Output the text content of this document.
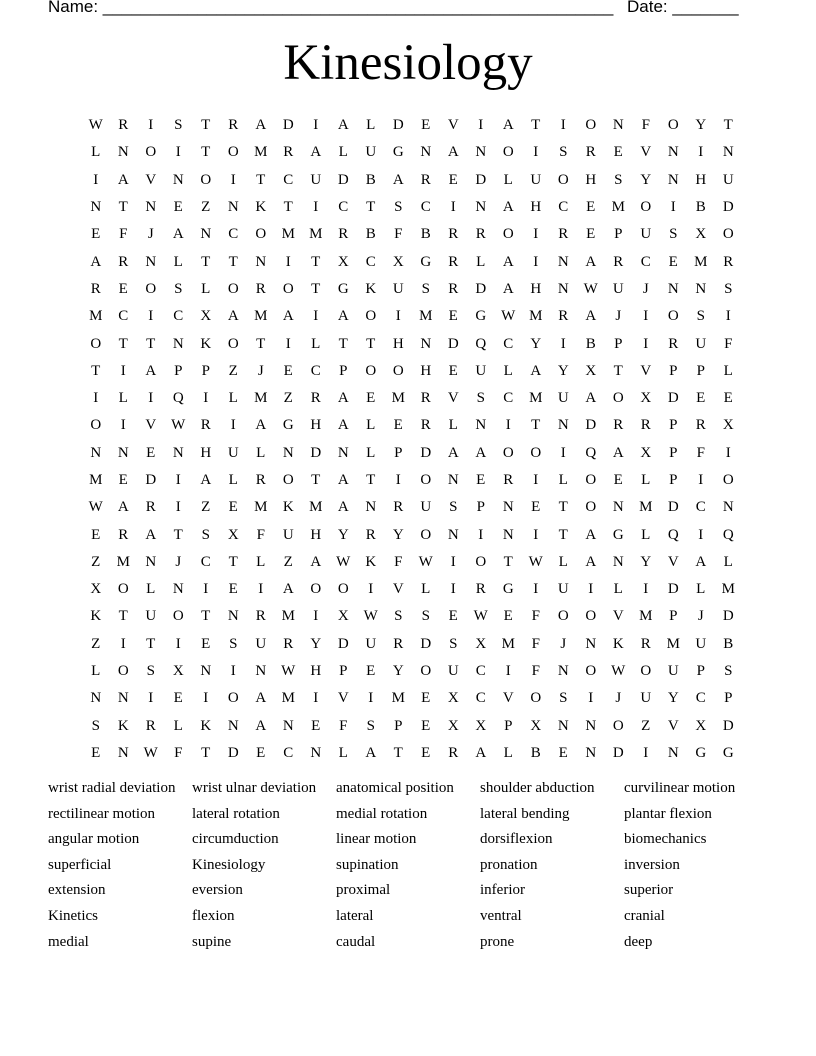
Name: ______________________________________________________ Date: _______
Kinesiology
W	R	I	S	T	R	A	D	I	A	L	D	E	V	I	A	T	I	O	N	F	O	Y	T
L	N	O	I	T	O	M	R	A	L	U	G	N	A	N	O	I	S	R	E	V	N	I	N
I	A	V	N	O	I	T	C	U	D	B	A	R	E	D	L	U	O	H	S	Y	N	H	U
N	T	N	E	Z	N	K	T	I	C	T	S	C	I	N	A	H	C	E	M	O	I	B	D
E	F	J	A	N	C	O	M	M	R	B	F	B	R	R	O	I	R	E	P	U	S	X	O
A	R	N	L	T	T	N	I	T	X	C	X	G	R	L	A	I	N	A	R	C	E	M	R
R	E	O	S	L	O	R	O	T	G	K	U	S	R	D	A	H	N	W	U	J	N	N	S
M	C	I	C	X	A	M	A	I	A	O	I	M	E	G	W	M	R	A	J	I	O	S	I
O	T	T	N	K	O	T	I	L	T	T	H	N	D	Q	C	Y	I	B	P	I	R	U	F
T	I	A	P	P	Z	J	E	C	P	O	O	H	E	U	L	A	Y	X	T	V	P	P	L
I	L	I	Q	I	L	M	Z	R	A	E	M	R	V	S	C	M	U	A	O	X	D	E	E
O	I	V	W	R	I	A	G	H	A	L	E	R	L	N	I	T	N	D	R	R	P	R	X
N	N	E	N	H	U	L	N	D	N	L	P	D	A	A	O	O	I	Q	A	X	P	F	I
M	E	D	I	A	L	R	O	T	A	T	I	O	N	E	R	I	L	O	E	L	P	I	O
W	A	R	I	Z	E	M	K	M	A	N	R	U	S	P	N	E	T	O	N	M	D	C	N
E	R	A	T	S	X	F	U	H	Y	R	Y	O	N	I	N	I	T	A	G	L	Q	I	Q
Z	M	N	J	C	T	L	Z	A	W	K	F	W	I	O	T	W	L	A	N	Y	V	A	L
X	O	L	N	I	E	I	A	O	O	I	V	L	I	R	G	I	U	I	L	I	D	L	M
K	T	U	O	T	N	R	M	I	X	W	S	S	E	W	E	F	O	O	V	M	P	J	D
Z	I	T	I	E	S	U	R	Y	D	U	R	D	S	X	M	F	J	N	K	R	M	U	B
L	O	S	X	N	I	N	W	H	P	E	Y	O	U	C	I	F	N	O	W	O	U	P	S
N	N	I	E	I	O	A	M	I	V	I	M	E	X	C	V	O	S	I	J	U	Y	C	P
S	K	R	L	K	N	A	N	E	F	S	P	E	X	X	P	X	N	N	O	Z	V	X	D
E	N	W	F	T	D	E	C	N	L	A	T	E	R	A	L	B	E	N	D	I	N	G	G
wrist radial deviation	wrist ulnar deviation	anatomical position	shoulder abduction	curvilinear motion
rectilinear motion	lateral rotation	medial rotation	lateral bending	plantar flexion
angular motion	circumduction	linear motion	dorsiflexion	biomechanics
superficial	Kinesiology	supination	pronation	inversion
extension	eversion	proximal	inferior	superior
Kinetics	flexion	lateral	ventral	cranial
medial	supine	caudal	prone	deep
